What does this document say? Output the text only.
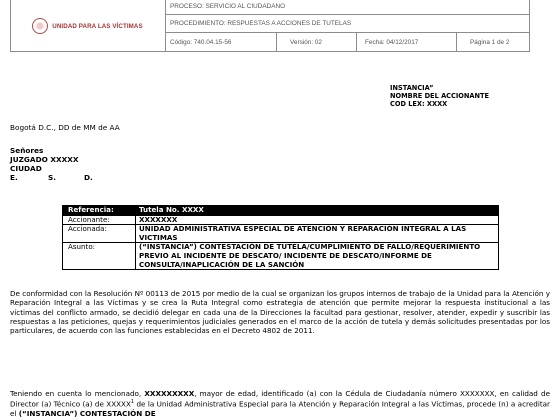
UNIDAD PARA LAS VÍCTIMAS
PROCESO: SERVICIO AL CIUDADANO
PROCEDIMIENTO: RESPUESTAS A ACCIONES DE TUTELAS
Código: 740.04.15-56	Versión: 02	Fecha: 04/12/2017	Página 1 de 2
INSTANCIA”
NOMBRE DEL ACCIONANTE
COD LEX: XXXX
Bogotá D.C., DD de MM de AA
Señores
JUZGADO XXXXX
CIUDAD
E.	S.	D.
Referencia:	Tutela No. XXXX
Accionante:	XXXXXXX
Accionada:	UNIDAD ADMINISTRATIVA ESPECIAL DE ATENCIÓN Y REPARACIÓN INTEGRAL A LAS VICTIMAS
Asunto:	(“INSTANCIA”) CONTESTACIÓN DE TUTELA/CUMPLIMIENTO DE FALLO/REQUERIMIENTO PREVIO AL INCIDENTE DE DESCATO/ INCIDENTE DE DESCATO/INFORME DE CONSULTA/INAPLICACIÓN DE LA SANCIÓN

De conformidad con la Resolución Nº 00113 de 2015 por medio de la cual se organizan los grupos internos de trabajo de la Unidad para la Atención y Reparación Integral a las Víctimas y se crea la Ruta Integral como estrategia de atención que permite mejorar la respuesta institucional a las víctimas del conflicto armado, se decidió delegar en cada una de la Direcciones la facultad para gestionar, resolver, atender, expedir y suscribir las respuestas a las peticiones, quejas y requerimientos judiciales generados en el marco de la acción de tutela y demás solicitudes presentadas por los particulares, de acuerdo con las funciones establecidas en el Decreto 4802 de 2011.

Teniendo en cuenta lo mencionado, XXXXXXXXX, mayor de edad, identificado (a) con la Cédula de Ciudadanía número XXXXXXX, en calidad de Director (a) Técnico (a) de XXXXX$^1$ de la Unidad Administrativa Especial para la Atención y Reparación Integral a las Víctimas, procede (n) a acreditar el (“INSTANCIA”) CONTESTACIÓN DE
